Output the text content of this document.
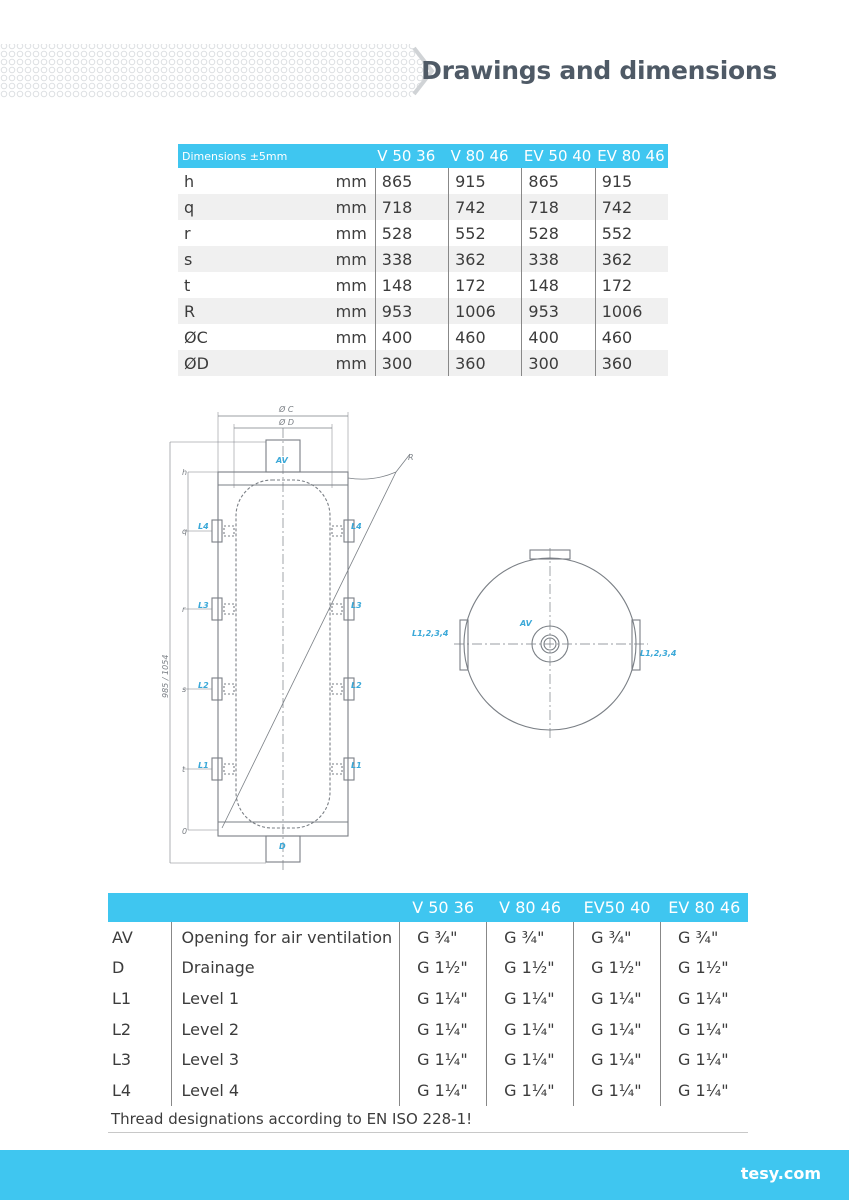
Drawings and dimensions
Dimensions ±5mm		V 50 36	V 80 46	EV 50 40	EV 80 46
h	mm	865	915	865	915
q	mm	718	742	718	742
r	mm	528	552	528	552
s	mm	338	362	338	362
t	mm	148	172	148	172
R	mm	953	1006	953	1006
ØC	mm	400	460	400	460
ØD	mm	300	360	300	360
Ø C
Ø D
R
h
q
r
s
t
0
985 / 1054
AV
D
L4
L3
L2
L1
L4
L3
L2
L1
AV
L1,2,3,4
L1,2,3,4
		V 50 36	V 80 46	EV50 40	EV 80 46
AV	Opening for air ventilation	G ¾"	G ¾"	G ¾"	G ¾"
D	Drainage	G 1½"	G 1½"	G 1½"	G 1½"
L1	Level 1	G 1¼"	G 1¼"	G 1¼"	G 1¼"
L2	Level 2	G 1¼"	G 1¼"	G 1¼"	G 1¼"
L3	Level 3	G 1¼"	G 1¼"	G 1¼"	G 1¼"
L4	Level 4	G 1¼"	G 1¼"	G 1¼"	G 1¼"
Thread designations according to EN ISO 228-1!					
tesy.com
